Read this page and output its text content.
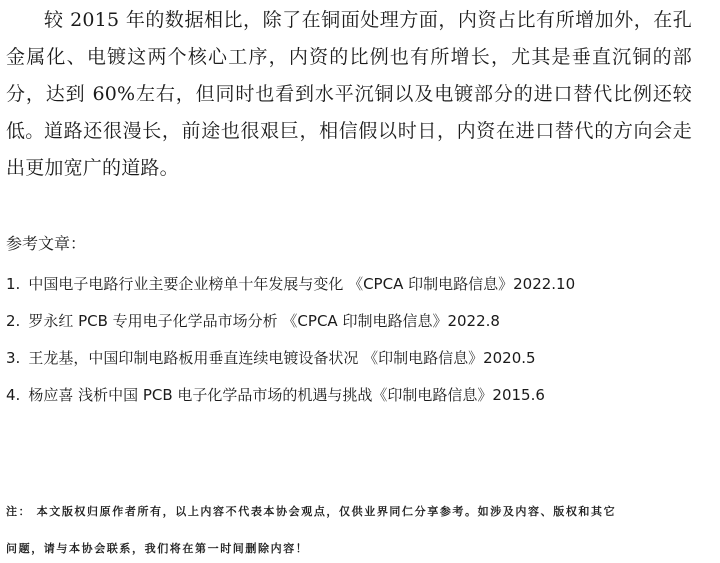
较 2015 年的数据相比，除了在铜面处理方面，内资占比有所增加外，在孔金属化、电镀这两个核心工序，内资的比例也有所增长，尤其是垂直沉铜的部分，达到 60%左右，但同时也看到水平沉铜以及电镀部分的进口替代比例还较低。 道路还很漫长，前途也很艰巨，相信假以时日，内资在进口替代的方向会走出更加宽广的道路。

参考文章：

1. 中国电子电路行业主要企业榜单十年发展与变化 《CPCA 印制电路信息》2022.10
2. 罗永红 PCB 专用电子化学品市场分析 《CPCA 印制电路信息》2022.8
3. 王龙基，中国印制电路板用垂直连续电镀设备状况 《印制电路信息》2020.5
4. 杨应喜 浅析中国 PCB 电子化学品市场的机遇与挑战《印制电路信息》2015.6

注： 本文版权归原作者所有，以上内容不代表本协会观点，仅供业界同仁分享参考。如涉及内容、版权和其它

问题，请与本协会联系，我们将在第一时间删除内容！
